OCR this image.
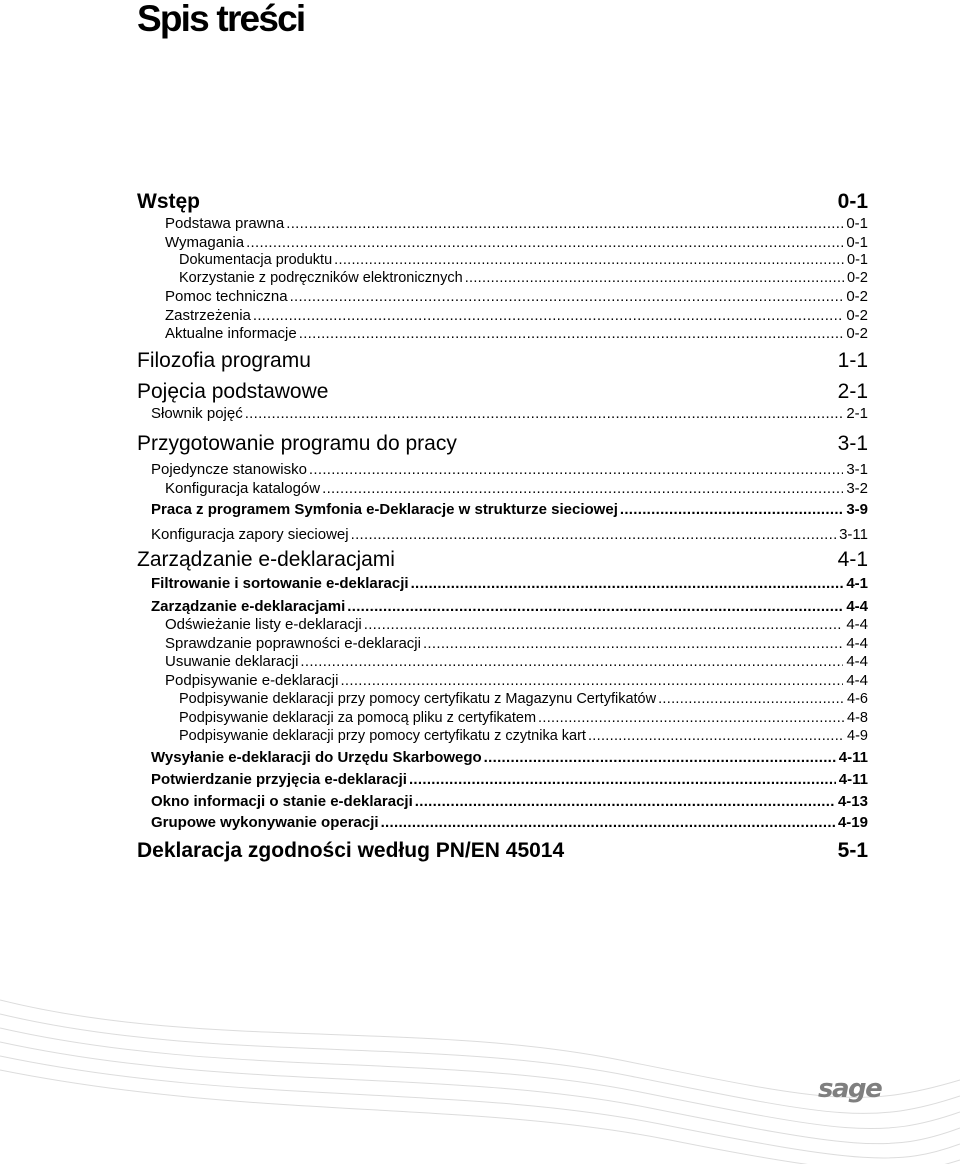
Spis treści
Wstęp	0-1
Podstawa prawna .....	0-1
Wymagania .....	0-1
Dokumentacja produktu .....	0-1
Korzystanie z podręczników elektronicznych .....	0-2
Pomoc techniczna .....	0-2
Zastrzeżenia .....	0-2
Aktualne informacje .....	0-2
Filozofia programu	1-1
Pojęcia podstawowe	2-1
Słownik pojęć .....	2-1
Przygotowanie programu do pracy	3-1
Pojedyncze stanowisko .....	3-1
Konfiguracja katalogów .....	3-2
Praca z programem Symfonia e-Deklaracje w strukturze sieciowej .....	3-9
Konfiguracja zapory sieciowej .....	3-11
Zarządzanie e-deklaracjami	4-1
Filtrowanie i sortowanie e-deklaracji .....	4-1
Zarządzanie e-deklaracjami .....	4-4
Odświeżanie listy e-deklaracji .....	4-4
Sprawdzanie poprawności e-deklaracji .....	4-4
Usuwanie deklaracji .....	4-4
Podpisywanie e-deklaracji .....	4-4
Podpisywanie deklaracji przy pomocy certyfikatu z Magazynu Certyfikatów .....	4-6
Podpisywanie deklaracji za pomocą pliku z certyfikatem .....	4-8
Podpisywanie deklaracji przy pomocy certyfikatu z czytnika kart .....	4-9
Wysyłanie e-deklaracji do Urzędu Skarbowego .....	4-11
Potwierdzanie przyjęcia e-deklaracji .....	4-11
Okno informacji o stanie e-deklaracji .....	4-13
Grupowe wykonywanie operacji .....	4-19
Deklaracja zgodności według PN/EN 45014	5-1
sage
